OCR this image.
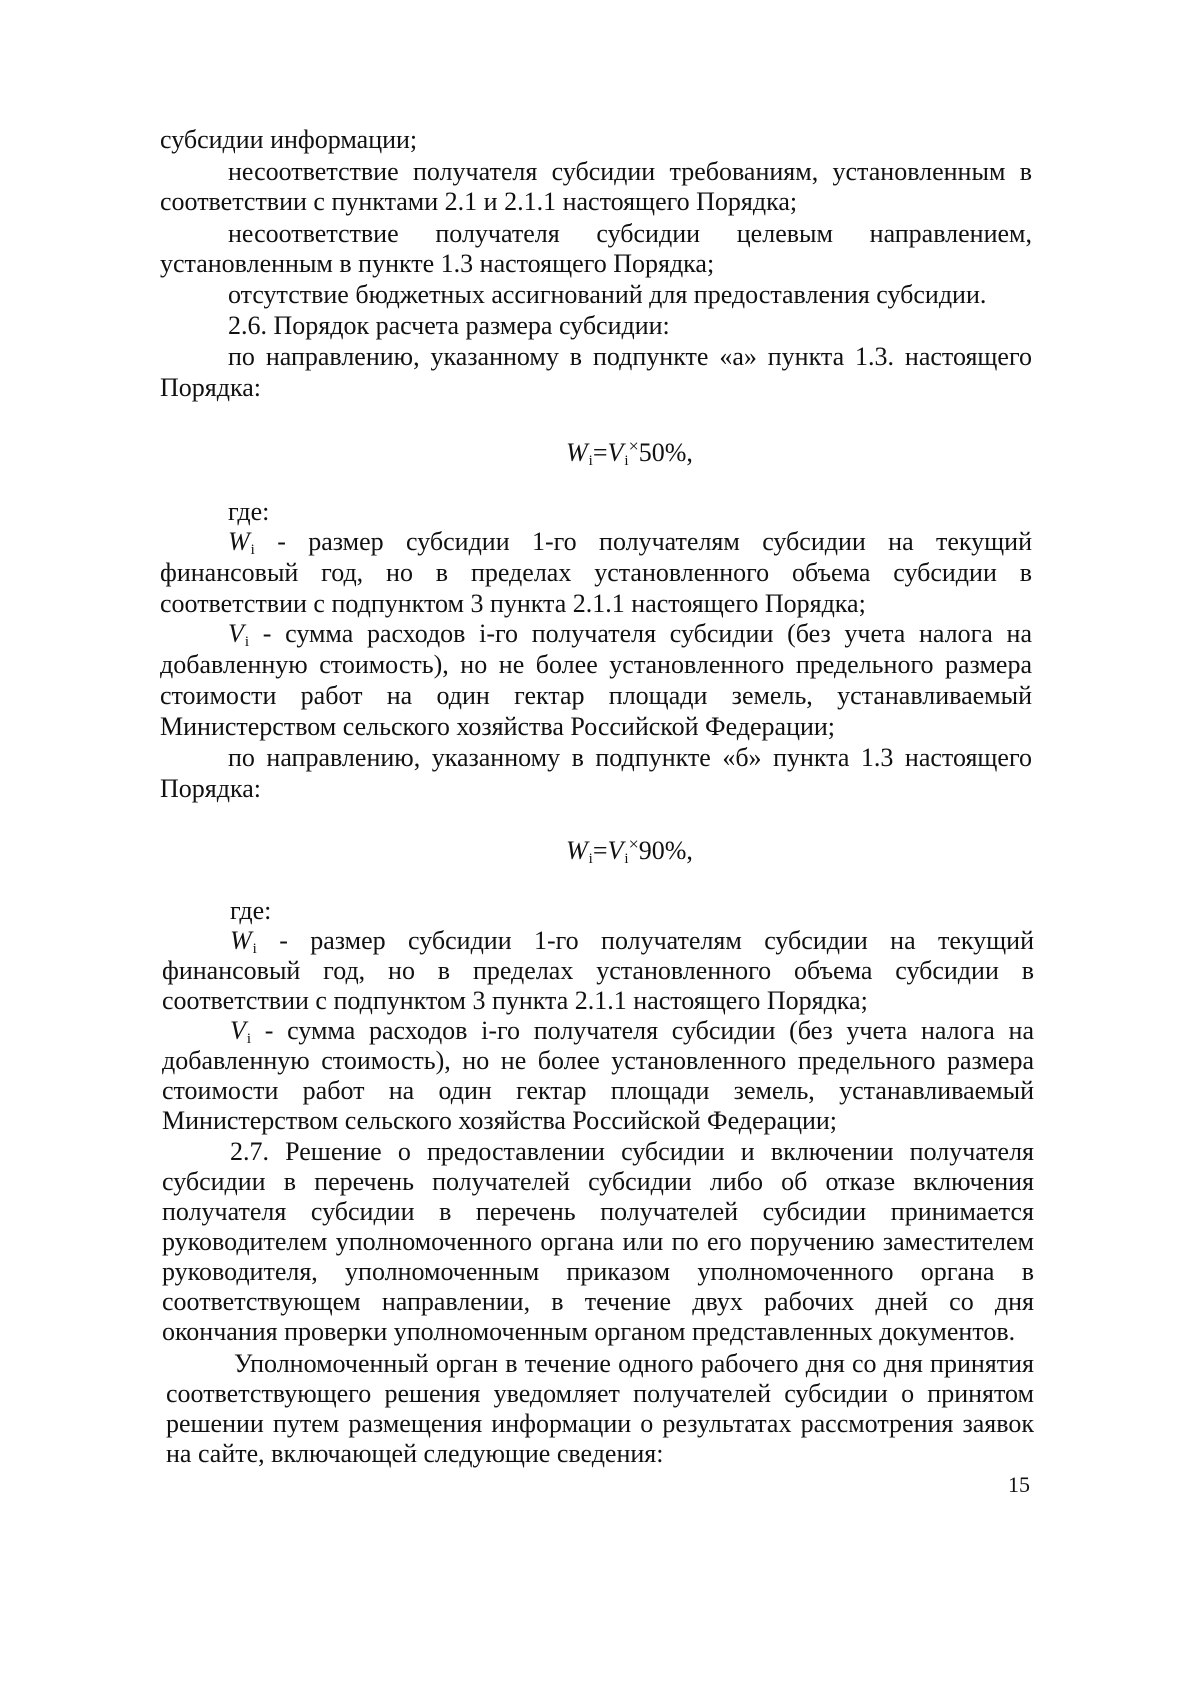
субсидии информации;
несоответствие получателя субсидии требованиям, установленным в
соответствии с пунктами 2.1 и 2.1.1 настоящего Порядка;
несоответствие получателя субсидии целевым направлением,
установленным в пункте 1.3 настоящего Порядка;
отсутствие бюджетных ассигнований для предоставления субсидии.
2.6. Порядок расчета размера субсидии:
по направлению, указанному в подпункте «а» пункта 1.3. настоящего
Порядка:
Wi=Vi×50%,
где:
Wi - размер субсидии 1-го получателям субсидии на текущий
финансовый год, но в пределах установленного объема субсидии в
соответствии с подпунктом 3 пункта 2.1.1 настоящего Порядка;
Vi - сумма расходов i-го получателя субсидии (без учета налога на
добавленную стоимость), но не более установленного предельного размера
стоимости работ на один гектар площади земель, устанавливаемый
Министерством сельского хозяйства Российской Федерации;
по направлению, указанному в подпункте «б» пункта 1.3 настоящего
Порядка:
Wi=Vi×90%,
где:
Wi - размер субсидии 1-го получателям субсидии на текущий
финансовый год, но в пределах установленного объема субсидии в
соответствии с подпунктом 3 пункта 2.1.1 настоящего Порядка;
Vi - сумма расходов i-го получателя субсидии (без учета налога на
добавленную стоимость), но не более установленного предельного размера
стоимости работ на один гектар площади земель, устанавливаемый
Министерством сельского хозяйства Российской Федерации;
2.7. Решение о предоставлении субсидии и включении получателя
субсидии в перечень получателей субсидии либо об отказе включения
получателя субсидии в перечень получателей субсидии принимается
руководителем уполномоченного органа или по его поручению заместителем
руководителя, уполномоченным приказом уполномоченного органа в
соответствующем направлении, в течение двух рабочих дней со дня
окончания проверки уполномоченным органом представленных документов.
Уполномоченный орган в течение одного рабочего дня со дня принятия
соответствующего решения уведомляет получателей субсидии о принятом
решении путем размещения информации о результатах рассмотрения заявок
на сайте, включающей следующие сведения:
15
